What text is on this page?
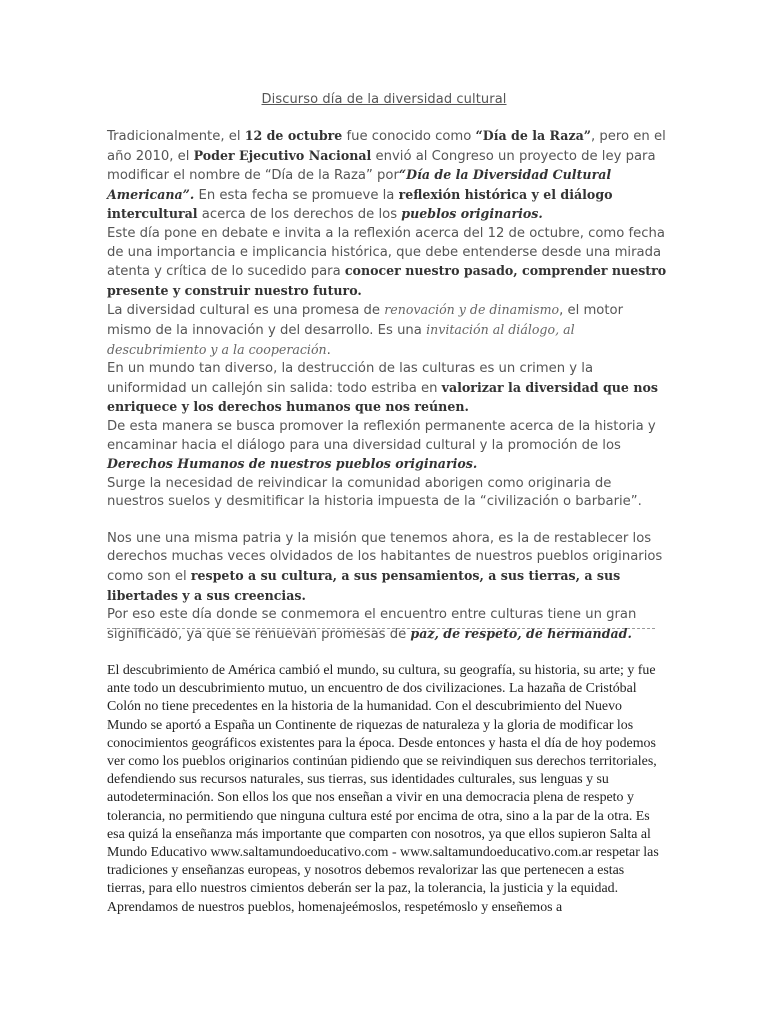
Discurso día de la diversidad cultural

Tradicionalmente, el 12 de octubre fue conocido como “Día de la Raza”, pero en el año 2010, el Poder Ejecutivo Nacional envió al Congreso un proyecto de ley para modificar el nombre de “Día de la Raza” por“Día de la Diversidad Cultural Americana”. En esta fecha se promueve la reflexión histórica y el diálogo intercultural acerca de los derechos de los pueblos originarios.

Este día pone en debate e invita a la reflexión acerca del 12 de octubre, como fecha de una importancia e implicancia histórica, que debe entenderse desde una mirada atenta y crítica de lo sucedido para conocer nuestro pasado, comprender nuestro presente y construir nuestro futuro.

La diversidad cultural es una promesa de renovación y de dinamismo, el motor mismo de la innovación y del desarrollo. Es una invitación al diálogo, al descubrimiento y a la cooperación.

En un mundo tan diverso, la destrucción de las culturas es un crimen y la uniformidad un callejón sin salida: todo estriba en valorizar la diversidad que nos enriquece y los derechos humanos que nos reúnen.

De esta manera se busca promover la reflexión permanente acerca de la historia y encaminar hacia el diálogo para una diversidad cultural y la promoción de los Derechos Humanos de nuestros pueblos originarios.

Surge la necesidad de reivindicar la comunidad aborigen como originaria de nuestros suelos y desmitificar la historia impuesta de la “civilización o barbarie”.

Nos une una misma patria y la misión que tenemos ahora, es la de restablecer los derechos muchas veces olvidados de los habitantes de nuestros pueblos originarios como son el respeto a su cultura, a sus pensamientos, a sus tierras, a sus libertades y a sus creencias.

Por eso este día donde se conmemora el encuentro entre culturas tiene un gran significado, ya que se renuevan promesas de paz, de respeto, de hermandad.

El descubrimiento de América cambió el mundo, su cultura, su geografía, su historia, su arte; y fue ante todo un descubrimiento mutuo, un encuentro de dos civilizaciones. La hazaña de Cristóbal Colón no tiene precedentes en la historia de la humanidad. Con el descubrimiento del Nuevo Mundo se aportó a España un Continente de riquezas de naturaleza y la gloria de modificar los conocimientos geográficos existentes para la época. Desde entonces y hasta el día de hoy podemos ver como los pueblos originarios continúan pidiendo que se reivindiquen sus derechos territoriales, defendiendo sus recursos naturales, sus tierras, sus identidades culturales, sus lenguas y su autodeterminación. Son ellos los que nos enseñan a vivir en una democracia plena de respeto y tolerancia, no permitiendo que ninguna cultura esté por encima de otra, sino a la par de la otra. Es esa quizá la enseñanza más importante que comparten con nosotros, ya que ellos supieron Salta al Mundo Educativo www.saltamundoeducativo.com - www.saltamundoeducativo.com.ar respetar las tradiciones y enseñanzas europeas, y nosotros debemos revalorizar las que pertenecen a estas tierras, para ello nuestros cimientos deberán ser la paz, la tolerancia, la justicia y la equidad. Aprendamos de nuestros pueblos, homenajeémoslos, respetémoslo y enseñemos a
